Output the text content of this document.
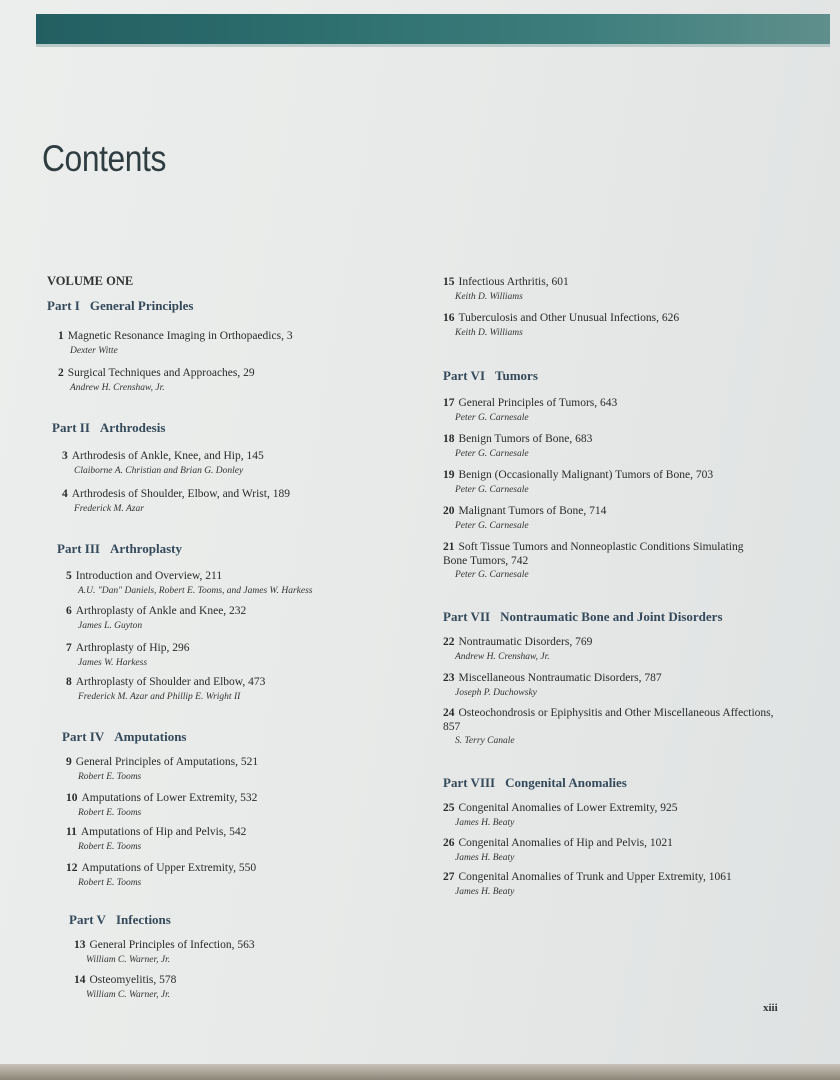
Contents
VOLUME ONE
Part I General Principles
Part II Arthrodesis
Part III Arthroplasty
Part IV Amputations
Part V Infections
Part VI Tumors
Part VII Nontraumatic Bone and Joint Disorders
Part VIII Congenital Anomalies
1 Magnetic Resonance Imaging in Orthopaedics, 3
Dexter Witte
2 Surgical Techniques and Approaches, 29
Andrew H. Crenshaw, Jr.
3 Arthrodesis of Ankle, Knee, and Hip, 145
Claiborne A. Christian and Brian G. Donley
4 Arthrodesis of Shoulder, Elbow, and Wrist, 189
Frederick M. Azar
5 Introduction and Overview, 211
A.U. "Dan" Daniels, Robert E. Tooms, and James W. Harkess
6 Arthroplasty of Ankle and Knee, 232
James L. Guyton
7 Arthroplasty of Hip, 296
James W. Harkess
8 Arthroplasty of Shoulder and Elbow, 473
Frederick M. Azar and Phillip E. Wright II
9 General Principles of Amputations, 521
Robert E. Tooms
10 Amputations of Lower Extremity, 532
Robert E. Tooms
11 Amputations of Hip and Pelvis, 542
Robert E. Tooms
12 Amputations of Upper Extremity, 550
Robert E. Tooms
13 General Principles of Infection, 563
William C. Warner, Jr.
14 Osteomyelitis, 578
William C. Warner, Jr.
15 Infectious Arthritis, 601
Keith D. Williams
16 Tuberculosis and Other Unusual Infections, 626
Keith D. Williams
17 General Principles of Tumors, 643
Peter G. Carnesale
18 Benign Tumors of Bone, 683
Peter G. Carnesale
19 Benign (Occasionally Malignant) Tumors of Bone, 703
Peter G. Carnesale
20 Malignant Tumors of Bone, 714
Peter G. Carnesale
21 Soft Tissue Tumors and Nonneoplastic Conditions Simulating Bone Tumors, 742
Peter G. Carnesale
22 Nontraumatic Disorders, 769
Andrew H. Crenshaw, Jr.
23 Miscellaneous Nontraumatic Disorders, 787
Joseph P. Duchowsky
24 Osteochondrosis or Epiphysitis and Other Miscellaneous Affections, 857
S. Terry Canale
25 Congenital Anomalies of Lower Extremity, 925
James H. Beaty
26 Congenital Anomalies of Hip and Pelvis, 1021
James H. Beaty
27 Congenital Anomalies of Trunk and Upper Extremity, 1061
James H. Beaty
xiii
